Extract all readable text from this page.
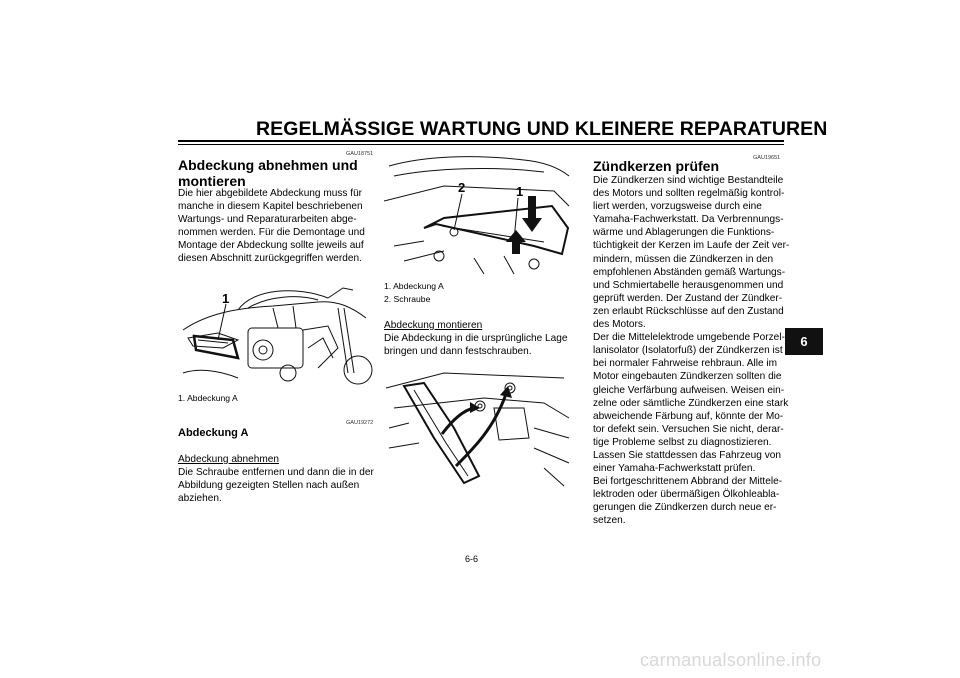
REGELMÄSSIGE WARTUNG UND KLEINERE REPARATUREN
GAU18751
Abdeckung abnehmen und
montieren
Die hier abgebildete Abdeckung muss für
manche in diesem Kapitel beschriebenen
Wartungs- und Reparaturarbeiten abge-
nommen werden. Für die Demontage und
Montage der Abdeckung sollte jeweils auf
diesen Abschnitt zurückgegriffen werden.
1
1. Abdeckung A
GAU19272
Abdeckung A
Abdeckung abnehmen
Die Schraube entfernen und dann die in der
Abbildung gezeigten Stellen nach außen
abziehen.
2	1
1. Abdeckung A
2. Schraube
Abdeckung montieren
Die Abdeckung in die ursprüngliche Lage
bringen und dann festschrauben.
GAU19651
Zündkerzen prüfen
Die Zündkerzen sind wichtige Bestandteile
des Motors und sollten regelmäßig kontrol-
liert werden, vorzugsweise durch eine
Yamaha-Fachwerkstatt. Da Verbrennungs-
wärme und Ablagerungen die Funktions-
tüchtigkeit der Kerzen im Laufe der Zeit ver-
mindern, müssen die Zündkerzen in den
empfohlenen Abständen gemäß Wartungs-
und Schmiertabelle herausgenommen und
geprüft werden. Der Zustand der Zündker-
zen erlaubt Rückschlüsse auf den Zustand
des Motors.
Der die Mittelelektrode umgebende Porzel-
lanisolator (Isolatorfuß) der Zündkerzen ist
bei normaler Fahrweise rehbraun. Alle im
Motor eingebauten Zündkerzen sollten die
gleiche Verfärbung aufweisen. Weisen ein-
zelne oder sämtliche Zündkerzen eine stark
abweichende Färbung auf, könnte der Mo-
tor defekt sein. Versuchen Sie nicht, derar-
tige Probleme selbst zu diagnostizieren.
Lassen Sie stattdessen das Fahrzeug von
einer Yamaha-Fachwerkstatt prüfen.
Bei fortgeschrittenem Abbrand der Mittele-
lektroden oder übermäßigen Ölkohleabla-
gerungen die Zündkerzen durch neue er-
setzen.
6
6-6
carmanualsonline.info
